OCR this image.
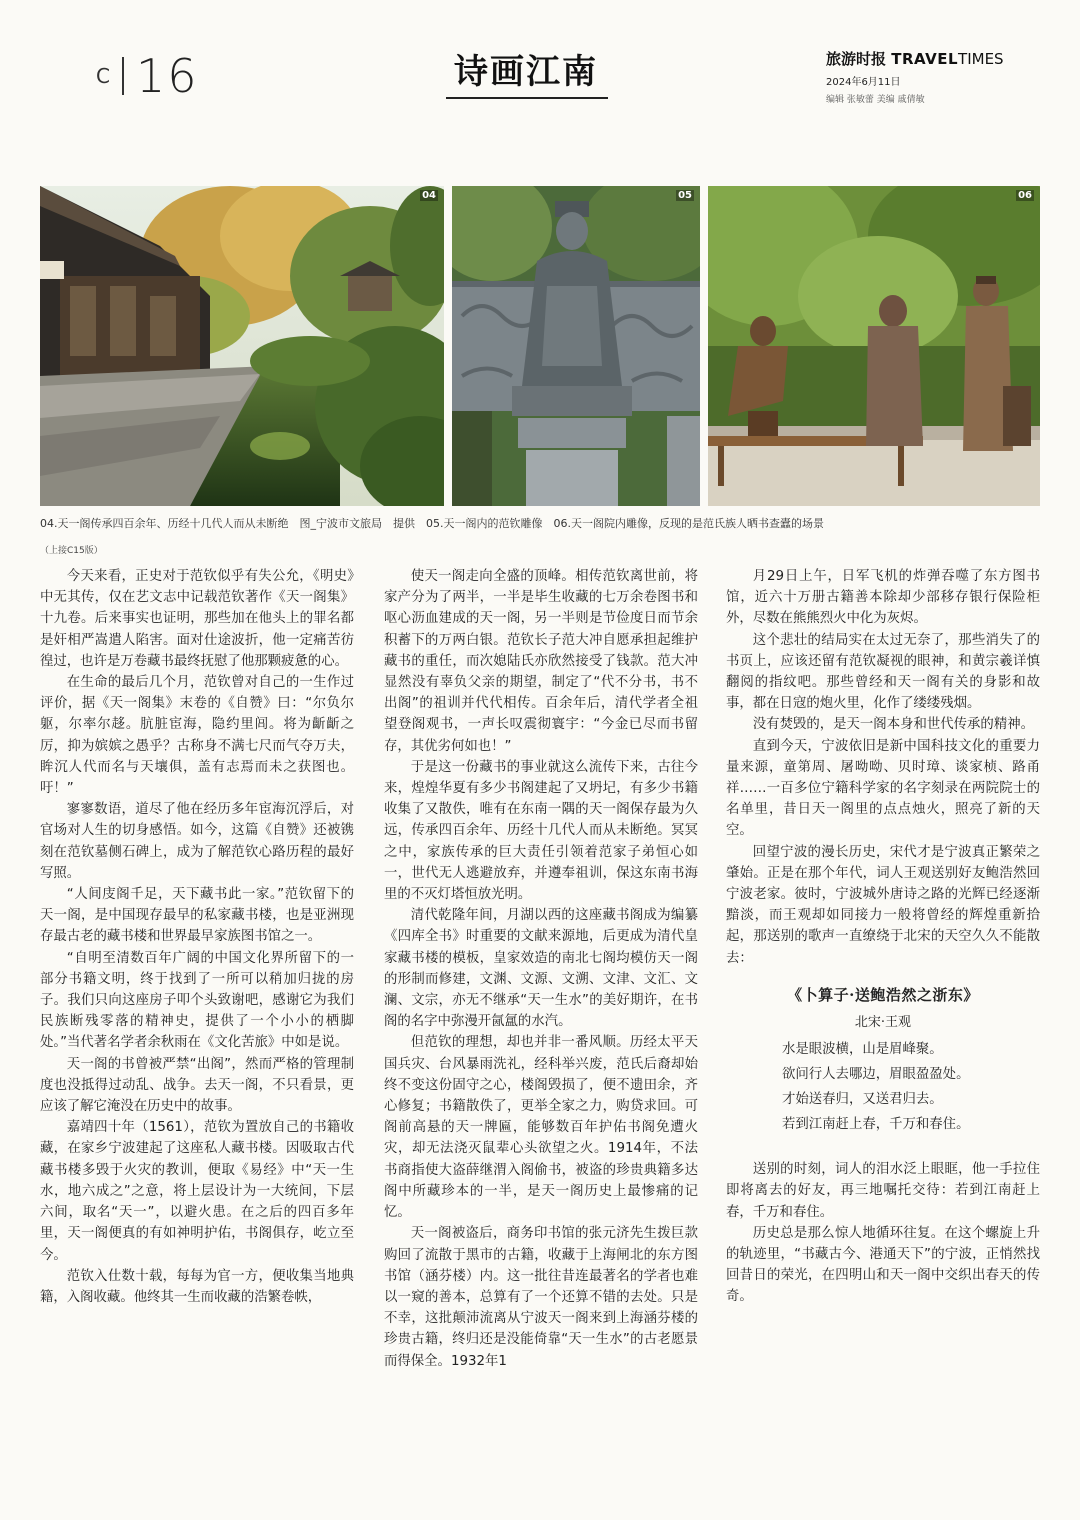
C 16	诗画江南	旅游时报 TRAVELTIMES
2024年6月11日
编辑 张敏蕾 美编 戚倩敏
04	05	06
04.天一阁传承四百余年、历经十几代人而从未断绝　图_宁波市文旅局　提供　05.天一阁内的范钦雕像　06.天一阁院内雕像，反现的是范氏族人晒书查蠹的场景
（上接C15版）

今天来看，正史对于范钦似乎有失公允，《明史》中无其传，仅在艺文志中记载范钦著作《天一阁集》十九卷。后来事实也证明，那些加在他头上的罪名都是奸相严嵩遣人陷害。面对仕途波折，他一定痛苦彷徨过，也许是万卷藏书最终抚慰了他那颗疲惫的心。

在生命的最后几个月，范钦曾对自己的一生作过评价，据《天一阁集》末卷的《自赞》曰：“尔负尔躯，尔率尔趍。肮脏宦海，隐约里闾。将为齗齗之厉，抑为嫔嫔之愚乎？古称身不满七尺而气夺万夫，眸沉人代而名与天壤俱，盖有志焉而未之获图也。吁！”

寥寥数语，道尽了他在经历多年宦海沉浮后，对官场对人生的切身感悟。如今，这篇《自赞》还被镌刻在范钦墓侧石碑上，成为了解范钦心路历程的最好写照。

“人间庋阁千足，天下藏书此一家。”范钦留下的天一阁，是中国现存最早的私家藏书楼，也是亚洲现存最古老的藏书楼和世界最早家族图书馆之一。

“自明至清数百年广阔的中国文化界所留下的一部分书籍文明，终于找到了一所可以稍加归拢的房子。我们只向这座房子叩个头致谢吧，感谢它为我们民族断残零落的精神史，提供了一个小小的栖脚处。”当代著名学者余秋雨在《文化苦旅》中如是说。

天一阁的书曾被严禁“出阁”，然而严格的管理制度也没抵得过动乱、战争。去天一阁，不只看景，更应该了解它淹没在历史中的故事。

嘉靖四十年（1561），范钦为置放自己的书籍收藏，在家乡宁波建起了这座私人藏书楼。因吸取古代藏书楼多毁于火灾的教训，便取《易经》中“天一生水，地六成之”之意，将上层设计为一大统间，下层六间，取名“天一”，以避火患。在之后的四百多年里，天一阁便真的有如神明护佑，书阁俱存，屹立至今。

范钦入仕数十载，每每为官一方，便收集当地典籍，入阁收藏。他终其一生而收藏的浩繁卷帙，

使天一阁走向全盛的顶峰。相传范钦离世前，将家产分为了两半，一半是毕生收藏的七万余卷图书和呕心沥血建成的天一阁，另一半则是节俭度日而节余积蓄下的万两白银。范钦长子范大冲自愿承担起维护藏书的重任，而次媳陆氏亦欣然接受了钱款。范大冲显然没有辜负父亲的期望，制定了“代不分书，书不出阁”的祖训并代代相传。百余年后，清代学者全祖望登阁观书，一声长叹震彻寰宇：“今金已尽而书留存，其优劣何如也！”

于是这一份藏书的事业就这么流传下来，古往今来，煌煌华夏有多少书阁建起了又坍圮，有多少书籍收集了又散佚，唯有在东南一隅的天一阁保存最为久远，传承四百余年、历经十几代人而从未断绝。冥冥之中，家族传承的巨大责任引领着范家子弟恒心如一，世代无人逃避放弃，并遵奉祖训，保这东南书海里的不灭灯塔恒放光明。

清代乾隆年间，月湖以西的这座藏书阁成为编纂《四库全书》时重要的文献来源地，后更成为清代皇家藏书楼的模板，皇家效造的南北七阁均模仿天一阁的形制而修建，文渊、文源、文溯、文津、文汇、文澜、文宗，亦无不继承“天一生水”的美好期许，在书阁的名字中弥漫开氤氲的水汽。

但范钦的理想，却也并非一番风顺。历经太平天国兵灾、台风暴雨洗礼，经科举兴废，范氏后裔却始终不变这份固守之心，楼阁毁损了，便不遗田余，齐心修复；书籍散佚了，更举全家之力，购贷求回。可阁前高悬的天一牌匾，能够数百年护佑书阁免遭火灾，却无法浇灭鼠辈心头欲望之火。1914年，不法书商指使大盗薛继渭入阁偷书，被盗的珍贵典籍多达阁中所藏珍本的一半，是天一阁历史上最惨痛的记忆。

天一阁被盗后，商务印书馆的张元济先生拨巨款购回了流散于黑市的古籍，收藏于上海闸北的东方图书馆（涵芬楼）内。这一批往昔连最著名的学者也难以一窥的善本，总算有了一个还算不错的去处。只是不幸，这批颠沛流离从宁波天一阁来到上海涵芬楼的珍贵古籍，终归还是没能倚靠“天一生水”的古老愿景而得保全。1932年1

月29日上午，日军飞机的炸弹吞噬了东方图书馆，近六十万册古籍善本除却少部移存银行保险柜外，尽数在熊熊烈火中化为灰烬。

这个悲壮的结局实在太过无奈了，那些消失了的书页上，应该还留有范钦凝视的眼神，和黄宗羲详慎翻阅的指纹吧。那些曾经和天一阁有关的身影和故事，都在日寇的炮火里，化作了缕缕残烟。

没有焚毁的，是天一阁本身和世代传承的精神。

直到今天，宁波依旧是新中国科技文化的重要力量来源，童第周、屠呦呦、贝时璋、谈家桢、路甬祥……一百多位宁籍科学家的名字刻录在两院院士的名单里，昔日天一阁里的点点烛火，照亮了新的天空。

回望宁波的漫长历史，宋代才是宁波真正繁荣之肇始。正是在那个年代，词人王观送别好友鲍浩然回宁波老家。彼时，宁波城外唐诗之路的光辉已经逐渐黯淡，而王观却如同接力一般将曾经的辉煌重新拾起，那送别的歌声一直缭绕于北宋的天空久久不能散去：

《卜算子·送鲍浩然之浙东》
北宋·王观
水是眼波横，山是眉峰聚。
欲问行人去哪边，眉眼盈盈处。
才始送春归，又送君归去。
若到江南赶上春，千万和春住。

送别的时刻，词人的泪水泛上眼眶，他一手拉住即将离去的好友，再三地嘱托交待：若到江南赶上春，千万和春住。

历史总是那么惊人地循环往复。在这个螺旋上升的轨迹里，“书藏古今、港通天下”的宁波，正悄然找回昔日的荣光，在四明山和天一阁中交织出春天的传奇。
